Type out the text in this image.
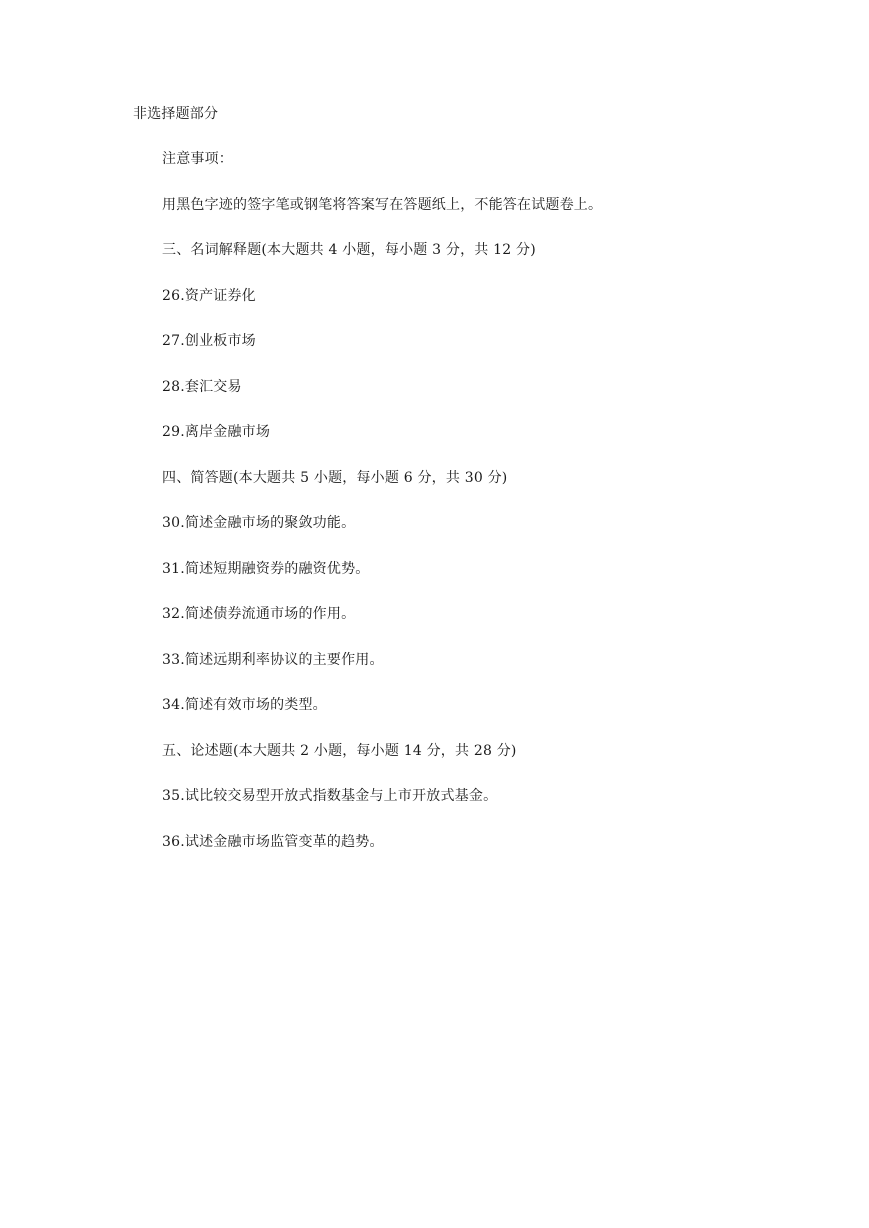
非选择题部分
注意事项：
用黑色字迹的签字笔或钢笔将答案写在答题纸上，不能答在试题卷上。
三、名词解释题(本大题共 4 小题，每小题 3 分，共 12 分)
26.资产证券化
27.创业板市场
28.套汇交易
29.离岸金融市场
四、简答题(本大题共 5 小题，每小题 6 分，共 30 分)
30.简述金融市场的聚敛功能。
31.简述短期融资券的融资优势。
32.简述债券流通市场的作用。
33.简述远期利率协议的主要作用。
34.简述有效市场的类型。
五、论述题(本大题共 2 小题，每小题 14 分，共 28 分)
35.试比较交易型开放式指数基金与上市开放式基金。
36.试述金融市场监管变革的趋势。
